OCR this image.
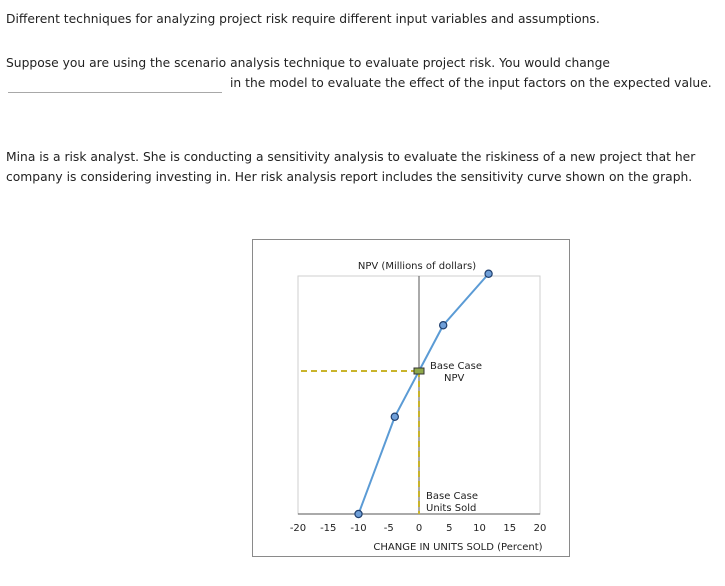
Different techniques for analyzing project risk require different input variables and assumptions.

Suppose you are using the scenario analysis technique to evaluate project risk. You would change

in the model to evaluate the effect of the input factors on the expected value.

Mina is a risk analyst. She is conducting a sensitivity analysis to evaluate the riskiness of a new project that her

company is considering investing in. Her risk analysis report includes the sensitivity curve shown on the graph.

NPV (Millions of dollars)
CHANGE IN UNITS SOLD (Percent)
-20 -15 -10 -5 0 5 10 15 20
Base Case
NPV
Base Case
Units Sold
